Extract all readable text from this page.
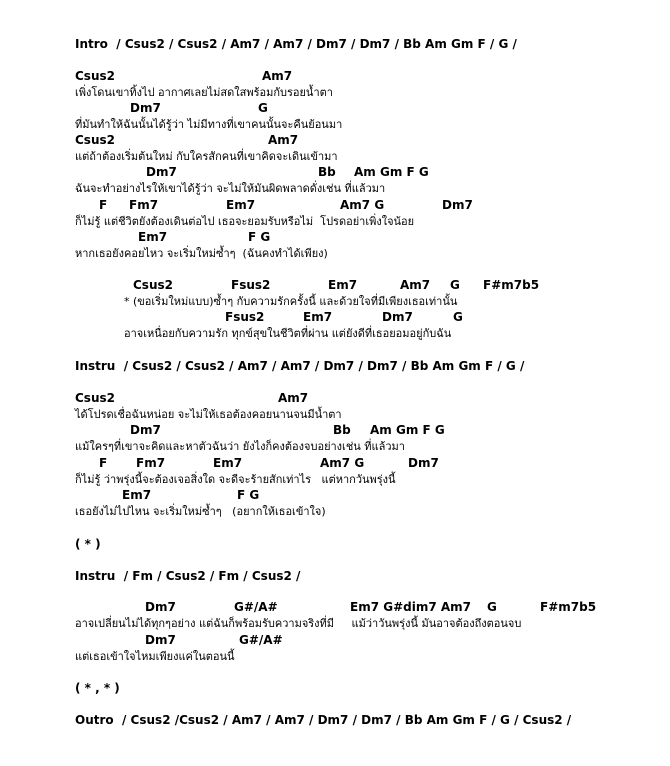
Intro  / Csus2 / Csus2 / Am7 / Am7 / Dm7 / Dm7 / Bb Am Gm F / G /
Csus2	Am7
เพิ่งโดนเขาทิ้งไป อากาศเลยไม่สดใสพร้อมกับรอยน้ำตา
Dm7	G
ที่มันทำให้ฉันนั้นได้รู้ว่า ไม่มีทางที่เขาคนนั้นจะคืนย้อนมา
Csus2	Am7
แต่ถ้าต้องเริ่มต้นใหม่ กับใครสักคนที่เขาคิดจะเดินเข้ามา
Dm7	Bb Am Gm F G
ฉันจะทำอย่างไรให้เขาได้รู้ว่า จะไม่ให้มันผิดพลาดดั่งเช่น ที่แล้วมา
F Fm7	Em7	Am7 G	Dm7
ก็ไม่รู้ แต่ชีวิตยังต้องเดินต่อไป เธอจะยอมรับหรือไม่  โปรดอย่าเพิ่งใจน้อย
Em7	F G
หากเธอยังคอยไหว จะเริ่มใหม่ซ้ำๆ  (ฉันคงทำได้เพียง)
Csus2	Fsus2	Em7	Am7 G F#m7b5
* (ขอเริ่มใหม่แบบ)ซ้ำๆ กับความรักครั้งนี้ และด้วยใจที่มีเพียงเธอเท่านั้น
Fsus2	Em7	Dm7	G
อาจเหนื่อยกับความรัก ทุกข์สุขในชีวิตที่ผ่าน แต่ยังดีที่เธอยอมอยู่กับฉัน
Instru  / Csus2 / Csus2 / Am7 / Am7 / Dm7 / Dm7 / Bb Am Gm F / G /
Csus2	Am7
ได้โปรดเชื่อฉันหน่อย จะไม่ให้เธอต้องคอยนานจนมีน้ำตา
Dm7	Bb Am Gm F G
แม้ใครๆที่เขาจะคิดและหาตัวฉันว่า ยังไงก็คงต้องจบอย่างเช่น ที่แล้วมา
F Fm7	Em7	Am7 G	Dm7
ก็ไม่รู้ ว่าพรุ่งนี้จะต้องเจอสิ่งใด จะดีจะร้ายสักเท่าไร   แต่หากวันพรุ่งนี้
Em7	F G
เธอยังไม่ไปไหน จะเริ่มใหม่ซ้ำๆ   (อยากให้เธอเข้าใจ)
( * )
Instru  / Fm / Csus2 / Fm / Csus2 /
Dm7	G#/A#	Em7 G#dim7 Am7 G	F#m7b5
อาจเปลี่ยนไม่ได้ทุกๆอย่าง แต่ฉันก็พร้อมรับความจริงที่มี     แม้ว่าวันพรุ่งนี้ มันอาจต้องถึงตอนจบ
Dm7	G#/A#
แต่เธอเข้าใจไหมเพียงแค่ในตอนนี้
( * , * )
Outro  / Csus2 /Csus2 / Am7 / Am7 / Dm7 / Dm7 / Bb Am Gm F / G / Csus2 /
